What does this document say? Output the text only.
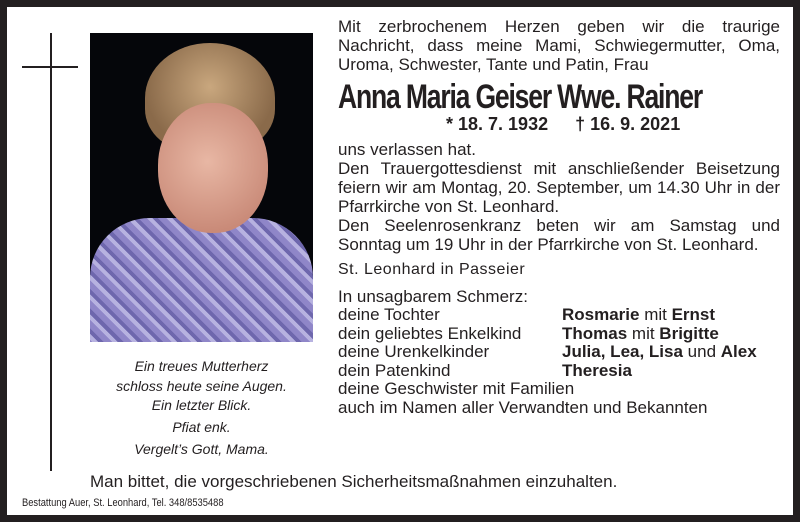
Ein treues Mutterherz
schloss heute seine Augen.
Ein letzter Blick.
Pfiat enk.
Vergelt’s Gott, Mama.
Mit zerbrochenem Herzen geben wir die traurige Nachricht, dass meine Mami, Schwiegermutter, Oma, Uroma, Schwester, Tante und Patin, Frau
Anna Maria Geiser Wwe. Rainer
* 18. 7. 1932 † 16. 9. 2021
uns verlassen hat.
Den Trauergottesdienst mit anschließender Beisetzung feiern wir am Montag, 20. September, um 14.30 Uhr in der Pfarrkirche von St. Leonhard.
Den Seelenrosenkranz beten wir am Samstag und Sonntag um 19 Uhr in der Pfarrkirche von St. Leonhard.
St. Leonhard in Passeier
In unsagbarem Schmerz:
deine Tochter	Rosmarie mit Ernst
dein geliebtes Enkelkind	Thomas mit Brigitte
deine Urenkelkinder	Julia, Lea, Lisa und Alex
dein Patenkind	Theresia
deine Geschwister mit Familien
auch im Namen aller Verwandten und Bekannten
Man bittet, die vorgeschriebenen Sicherheitsmaßnahmen einzuhalten.
Bestattung Auer, St. Leonhard, Tel. 348/8535488
